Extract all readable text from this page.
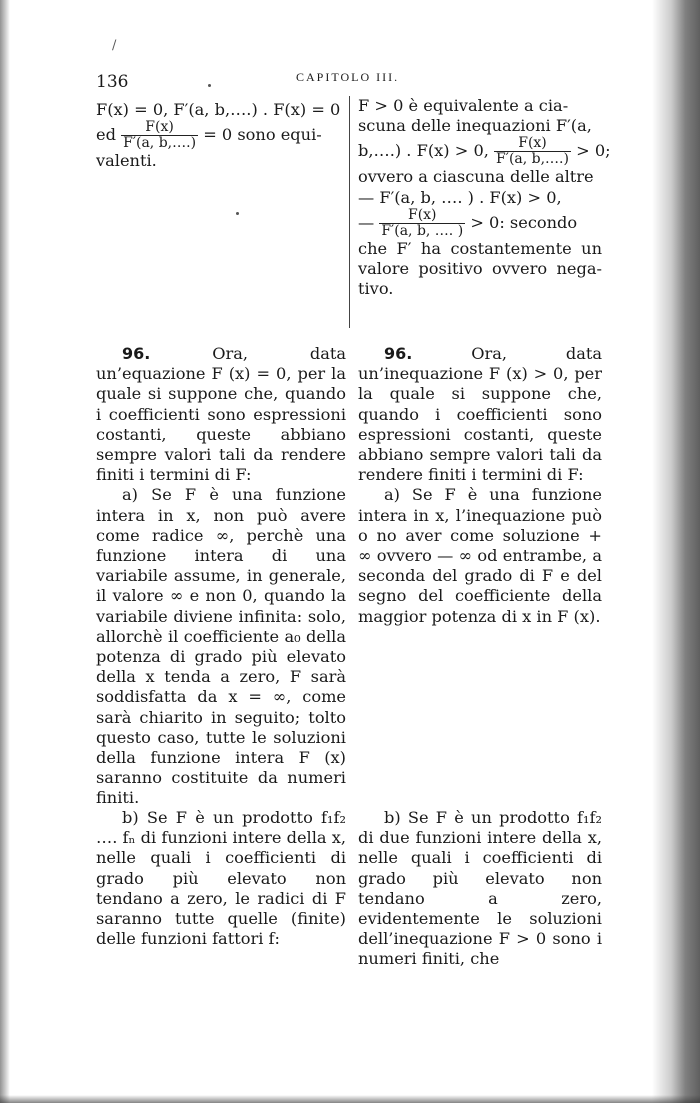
/
136	CAPITOLO III.

F(x) = 0, F′(a, b,….) . F(x) = 0

ed $\frac{F(x)}{F'(a, b,\dots.)} = 0$ sono equi-

valenti.

F > 0 è equivalente a cia-

scuna delle inequazioni F′(a,

b,….) . F(x) > 0, $\frac{F(x)}{F'(a, b,\dots.)} > 0$;

ovvero a ciascuna delle altre

— F′(a, b, …. ) . F(x) > 0,

— $\frac{F(x)}{F'(a, b, \dots. )} > 0$: secondo

che F′ ha costantemente un valore positivo ovvero nega-tivo.

96.	Ora, data un’equazione F (x) = 0, per la quale si suppone che, quando i coefficienti sono espressioni costanti, queste abbiano sempre valori tali da rendere finiti i termini di F:

a) Se F è una funzione intera in x, non può avere come radice ∞, perchè una funzione intera di una variabile assume, in generale, il valore ∞ e non 0, quando la variabile diviene infinita: solo, allorchè il coefficiente a₀ della potenza di grado più elevato della x tenda a zero, F sarà soddisfatta da x = ∞, come sarà chiarito in seguito; tolto questo caso, tutte le soluzioni della funzione intera F (x) saranno costituite da numeri finiti.

b) Se F è un prodotto f₁f₂ …. fₙ di funzioni intere della x, nelle quali i coefficienti di grado più elevato non tendano a zero, le radici di F saranno tutte quelle (finite) delle funzioni fattori f:

96.	Ora, data un’inequazione F (x) > 0, per la quale si suppone che, quando i coefficienti sono espressioni costanti, queste abbiano sempre valori tali da rendere finiti i termini di F:

a) Se F è una funzione intera in x, l’inequazione può o no aver come soluzione + ∞ ovvero — ∞ od entrambe, a seconda del grado di F e del segno del coefficiente della maggior potenza di x in F (x).

b) Se F è un prodotto f₁f₂ di due funzioni intere della x, nelle quali i coefficienti di grado più elevato non tendano a zero, evidentemente le soluzioni dell’inequazione F > 0 sono i numeri finiti, che
